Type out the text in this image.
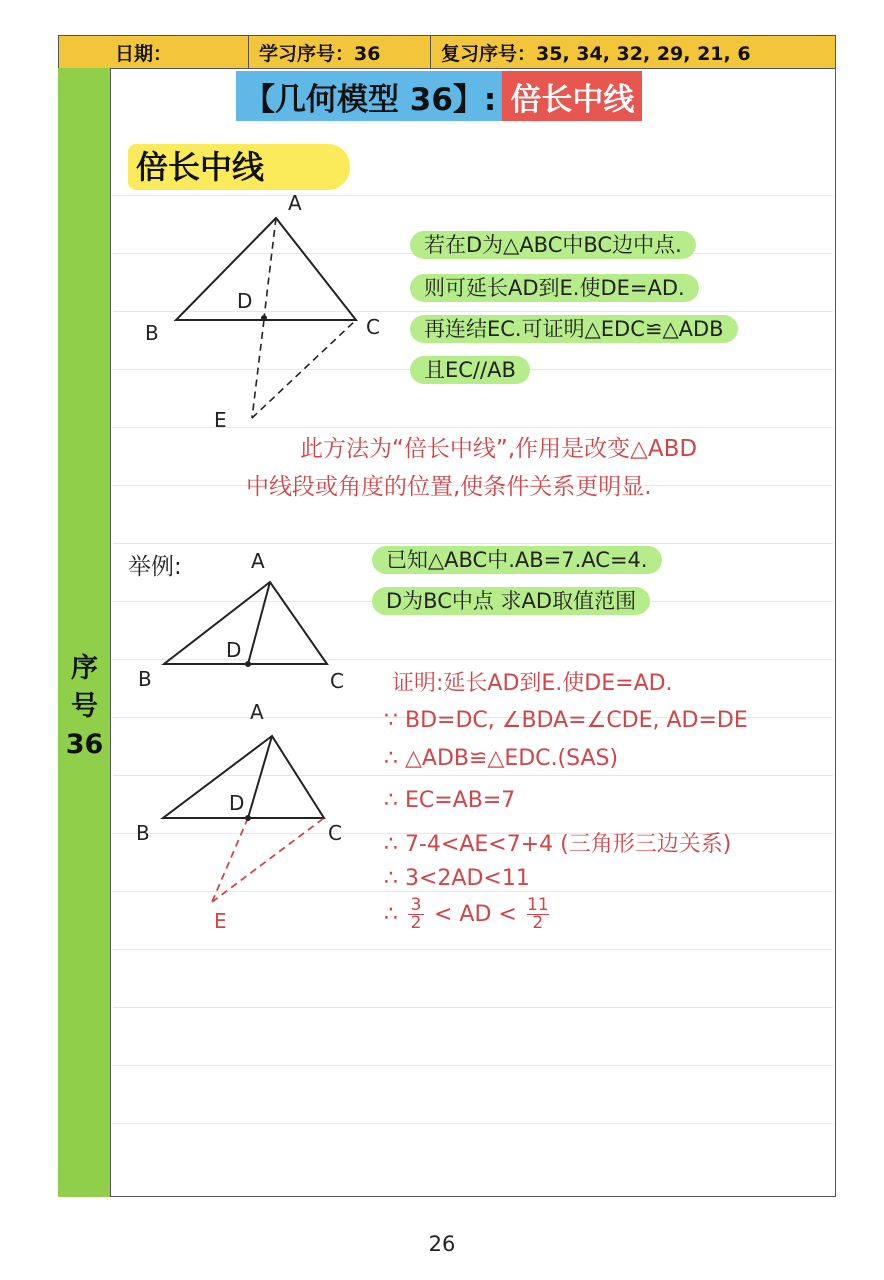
日期：	学习序号：36	复习序号：35, 34, 32, 29, 21, 6
序
号
36
【几何模型 36】: 倍长中线
倍长中线
若在D为△ABC中BC边中点.
则可延长AD到E.使DE=AD.
再连结EC.可证明△EDC≌△ADB
且EC//AB
此方法为“倍长中线”,作用是改变△ABD
中线段或角度的位置,使条件关系更明显.
举例:	已知△ABC中.AB=7.AC=4.
D为BC中点 求AD取值范围
证明:延长AD到E.使DE=AD.
∵ BD=DC, ∠BDA=∠CDE, AD=DE
∴ △ADB≌△EDC.(SAS)
∴ EC=AB=7
∴ 7-4<AE<7+4 (三角形三边关系)
∴ 3<2AD<11
∴ $\frac{3}{2}$ < AD < $\frac{11}{2}$
A
B	C
D
E
A
B	C
D
A
B	C
D
E
26
